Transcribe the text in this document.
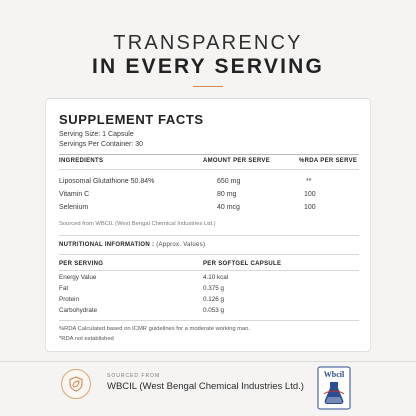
TRANSPARENCY
IN EVERY SERVING
SUPPLEMENT FACTS
Serving Size: 1 Capsule
Servings Per Container: 30
INGREDIENTS	AMOUNT PER SERVE	%RDA PER SERVE
Liposomal Glutathione 50.84%	650 mg	**
Vitamin C	80 mg	100
Selenium	40 mcg	100
Sourced from WBCIL (West Bengal Chemical Industries Ltd.)
NUTRITIONAL INFORMATION : (Approx. Values)
PER SERVING	PER SOFTGEL CAPSULE
Energy Value	4.10 kcal
Fat	0.375 g
Protein	0.126 g
Carbohydrate	0.053 g
%RDA Calculated based on ICMR guidelines for a moderate working man.
*RDA not established
SOURCED FROM
WBCIL (West Bengal Chemical Industries Ltd.)
Wbcil
